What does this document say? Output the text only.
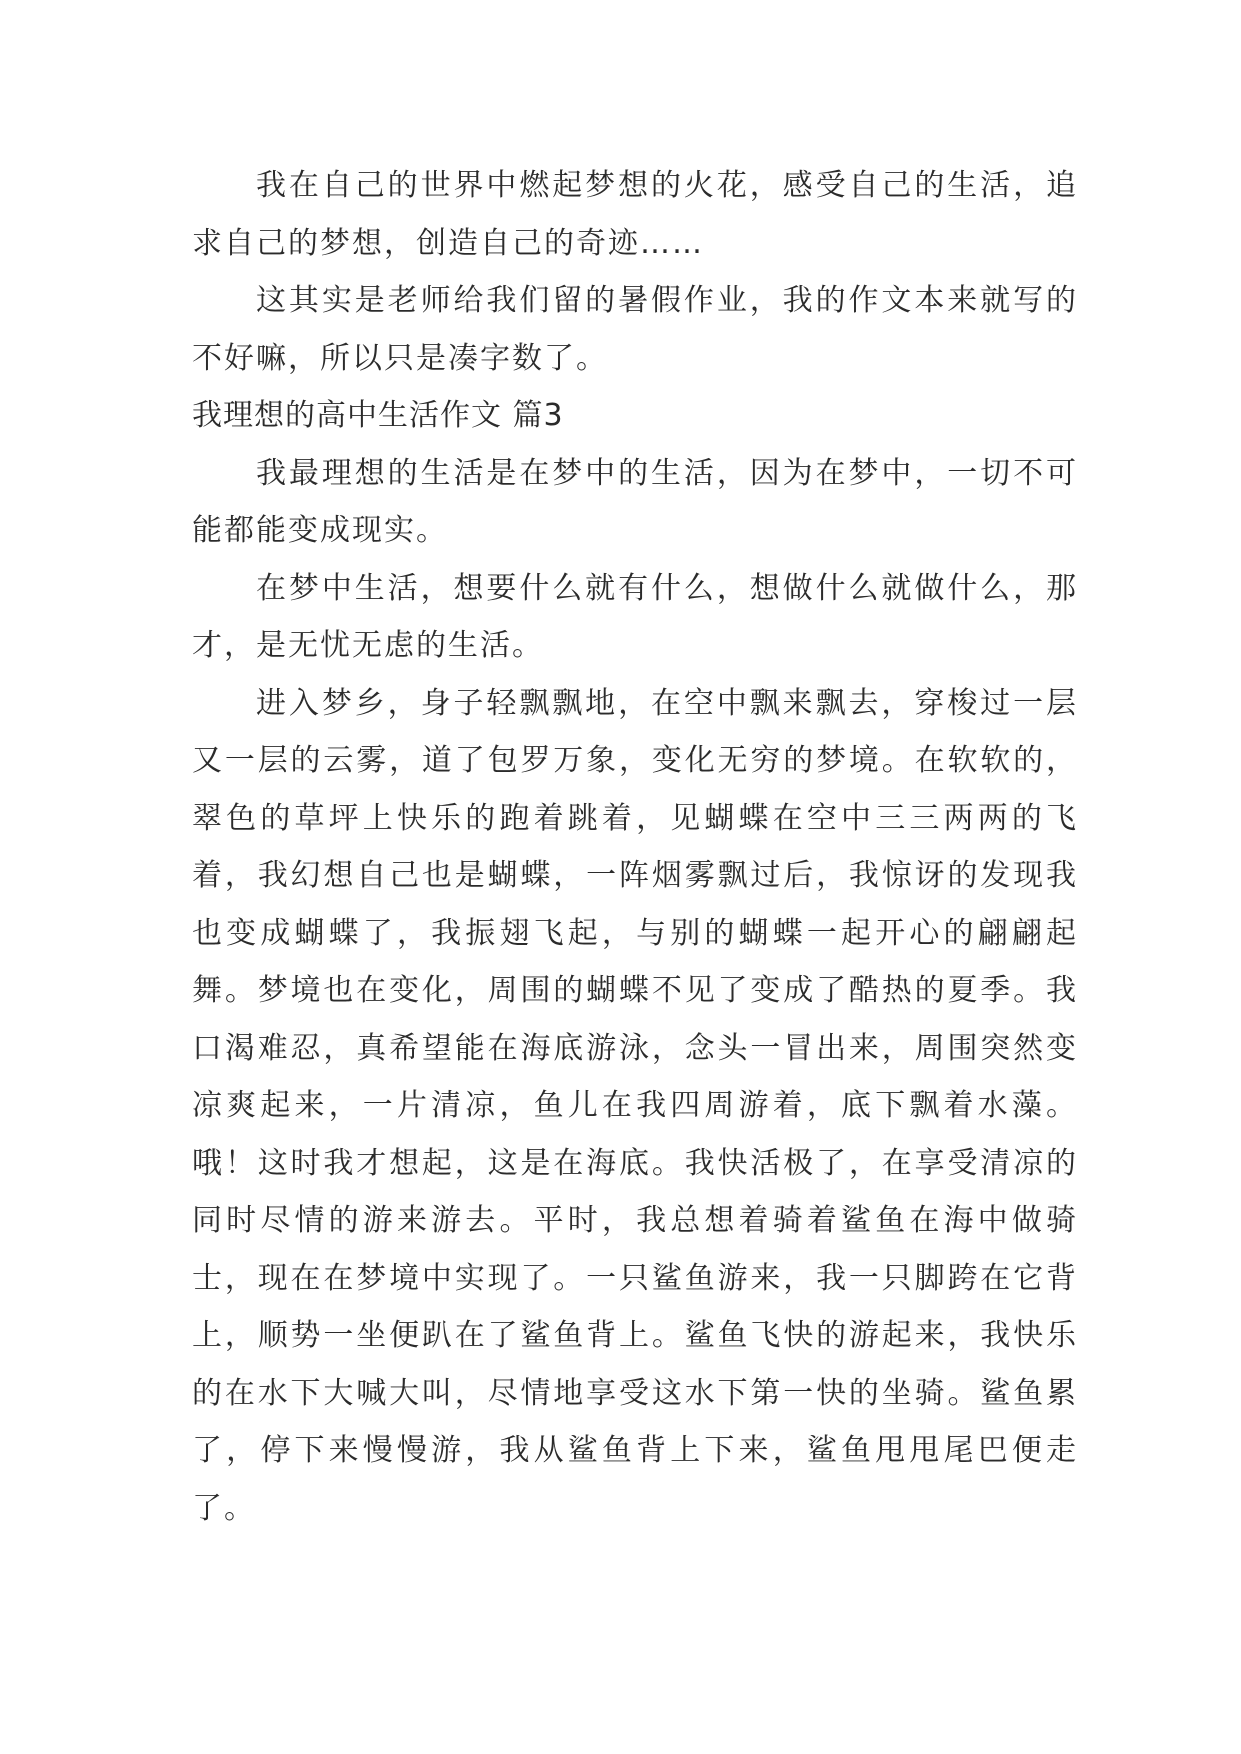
我在自己的世界中燃起梦想的火花，感受自己的生活，追求自己的梦想，创造自己的奇迹……

这其实是老师给我们留的暑假作业，我的作文本来就写的不好嘛，所以只是凑字数了。

我理想的高中生活作文 篇3

我最理想的生活是在梦中的生活，因为在梦中，一切不可能都能变成现实。

在梦中生活，想要什么就有什么，想做什么就做什么，那才，是无忧无虑的生活。

进入梦乡，身子轻飘飘地，在空中飘来飘去，穿梭过一层又一层的云雾，道了包罗万象，变化无穷的梦境。在软软的，翠色的草坪上快乐的跑着跳着，见蝴蝶在空中三三两两的飞着，我幻想自己也是蝴蝶，一阵烟雾飘过后，我惊讶的发现我也变成蝴蝶了，我振翅飞起，与别的蝴蝶一起开心的翩翩起舞。梦境也在变化，周围的蝴蝶不见了变成了酷热的夏季。我口渴难忍，真希望能在海底游泳，念头一冒出来，周围突然变凉爽起来，一片清凉，鱼儿在我四周游着，底下飘着水藻。哦！这时我才想起，这是在海底。我快活极了，在享受清凉的同时尽情的游来游去。平时，我总想着骑着鲨鱼在海中做骑士，现在在梦境中实现了。一只鲨鱼游来，我一只脚跨在它背上，顺势一坐便趴在了鲨鱼背上。鲨鱼飞快的游起来，我快乐的在水下大喊大叫，尽情地享受这水下第一快的坐骑。鲨鱼累了，停下来慢慢游，我从鲨鱼背上下来，鲨鱼甩甩尾巴便走了。
